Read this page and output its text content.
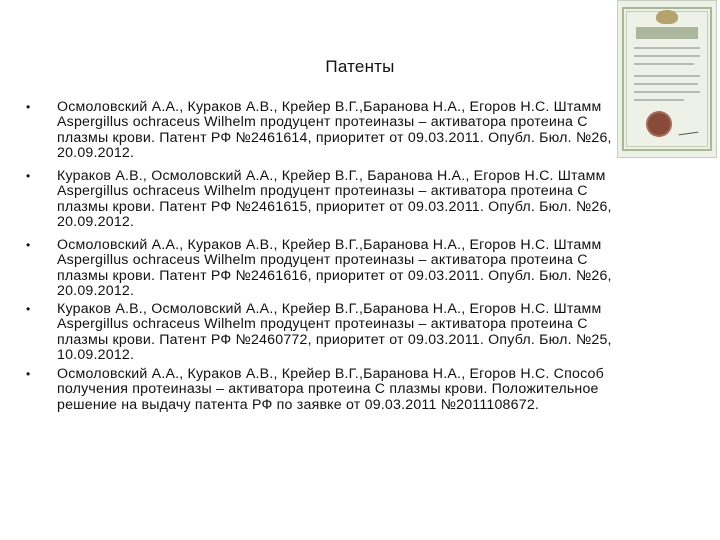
Патенты
• Осмоловский А.А., Кураков А.В., Крейер В.Г.,Баранова Н.А., Егоров Н.С. Штамм Aspergillus ochraceus Wilhelm продуцент протеиназы – активатора протеина С плазмы крови. Патент РФ №2461614, приоритет от 09.03.2011. Опубл. Бюл. №26, 20.09.2012.
• Кураков А.В., Осмоловский А.А., Крейер В.Г., Баранова Н.А., Егоров Н.С. Штамм Aspergillus ochraceus Wilhelm продуцент протеиназы – активатора протеина С плазмы крови. Патент РФ №2461615, приоритет от 09.03.2011. Опубл. Бюл. №26, 20.09.2012.
• Осмоловский А.А., Кураков А.В., Крейер В.Г.,Баранова Н.А., Егоров Н.С. Штамм Aspergillus ochraceus Wilhelm продуцент протеиназы – активатора протеина С плазмы крови. Патент РФ №2461616, приоритет от 09.03.2011. Опубл. Бюл. №26, 20.09.2012.
• Кураков А.В., Осмоловский А.А., Крейер В.Г.,Баранова Н.А., Егоров Н.С. Штамм Aspergillus ochraceus Wilhelm продуцент протеиназы – активатора протеина С плазмы крови. Патент РФ №2460772, приоритет от 09.03.2011. Опубл. Бюл. №25, 10.09.2012.
• Осмоловский А.А., Кураков А.В., Крейер В.Г.,Баранова Н.А., Егоров Н.С. Способ получения протеиназы – активатора протеина С плазмы крови. Положительное решение на выдачу патента РФ по заявке от 09.03.2011 №2011108672.
